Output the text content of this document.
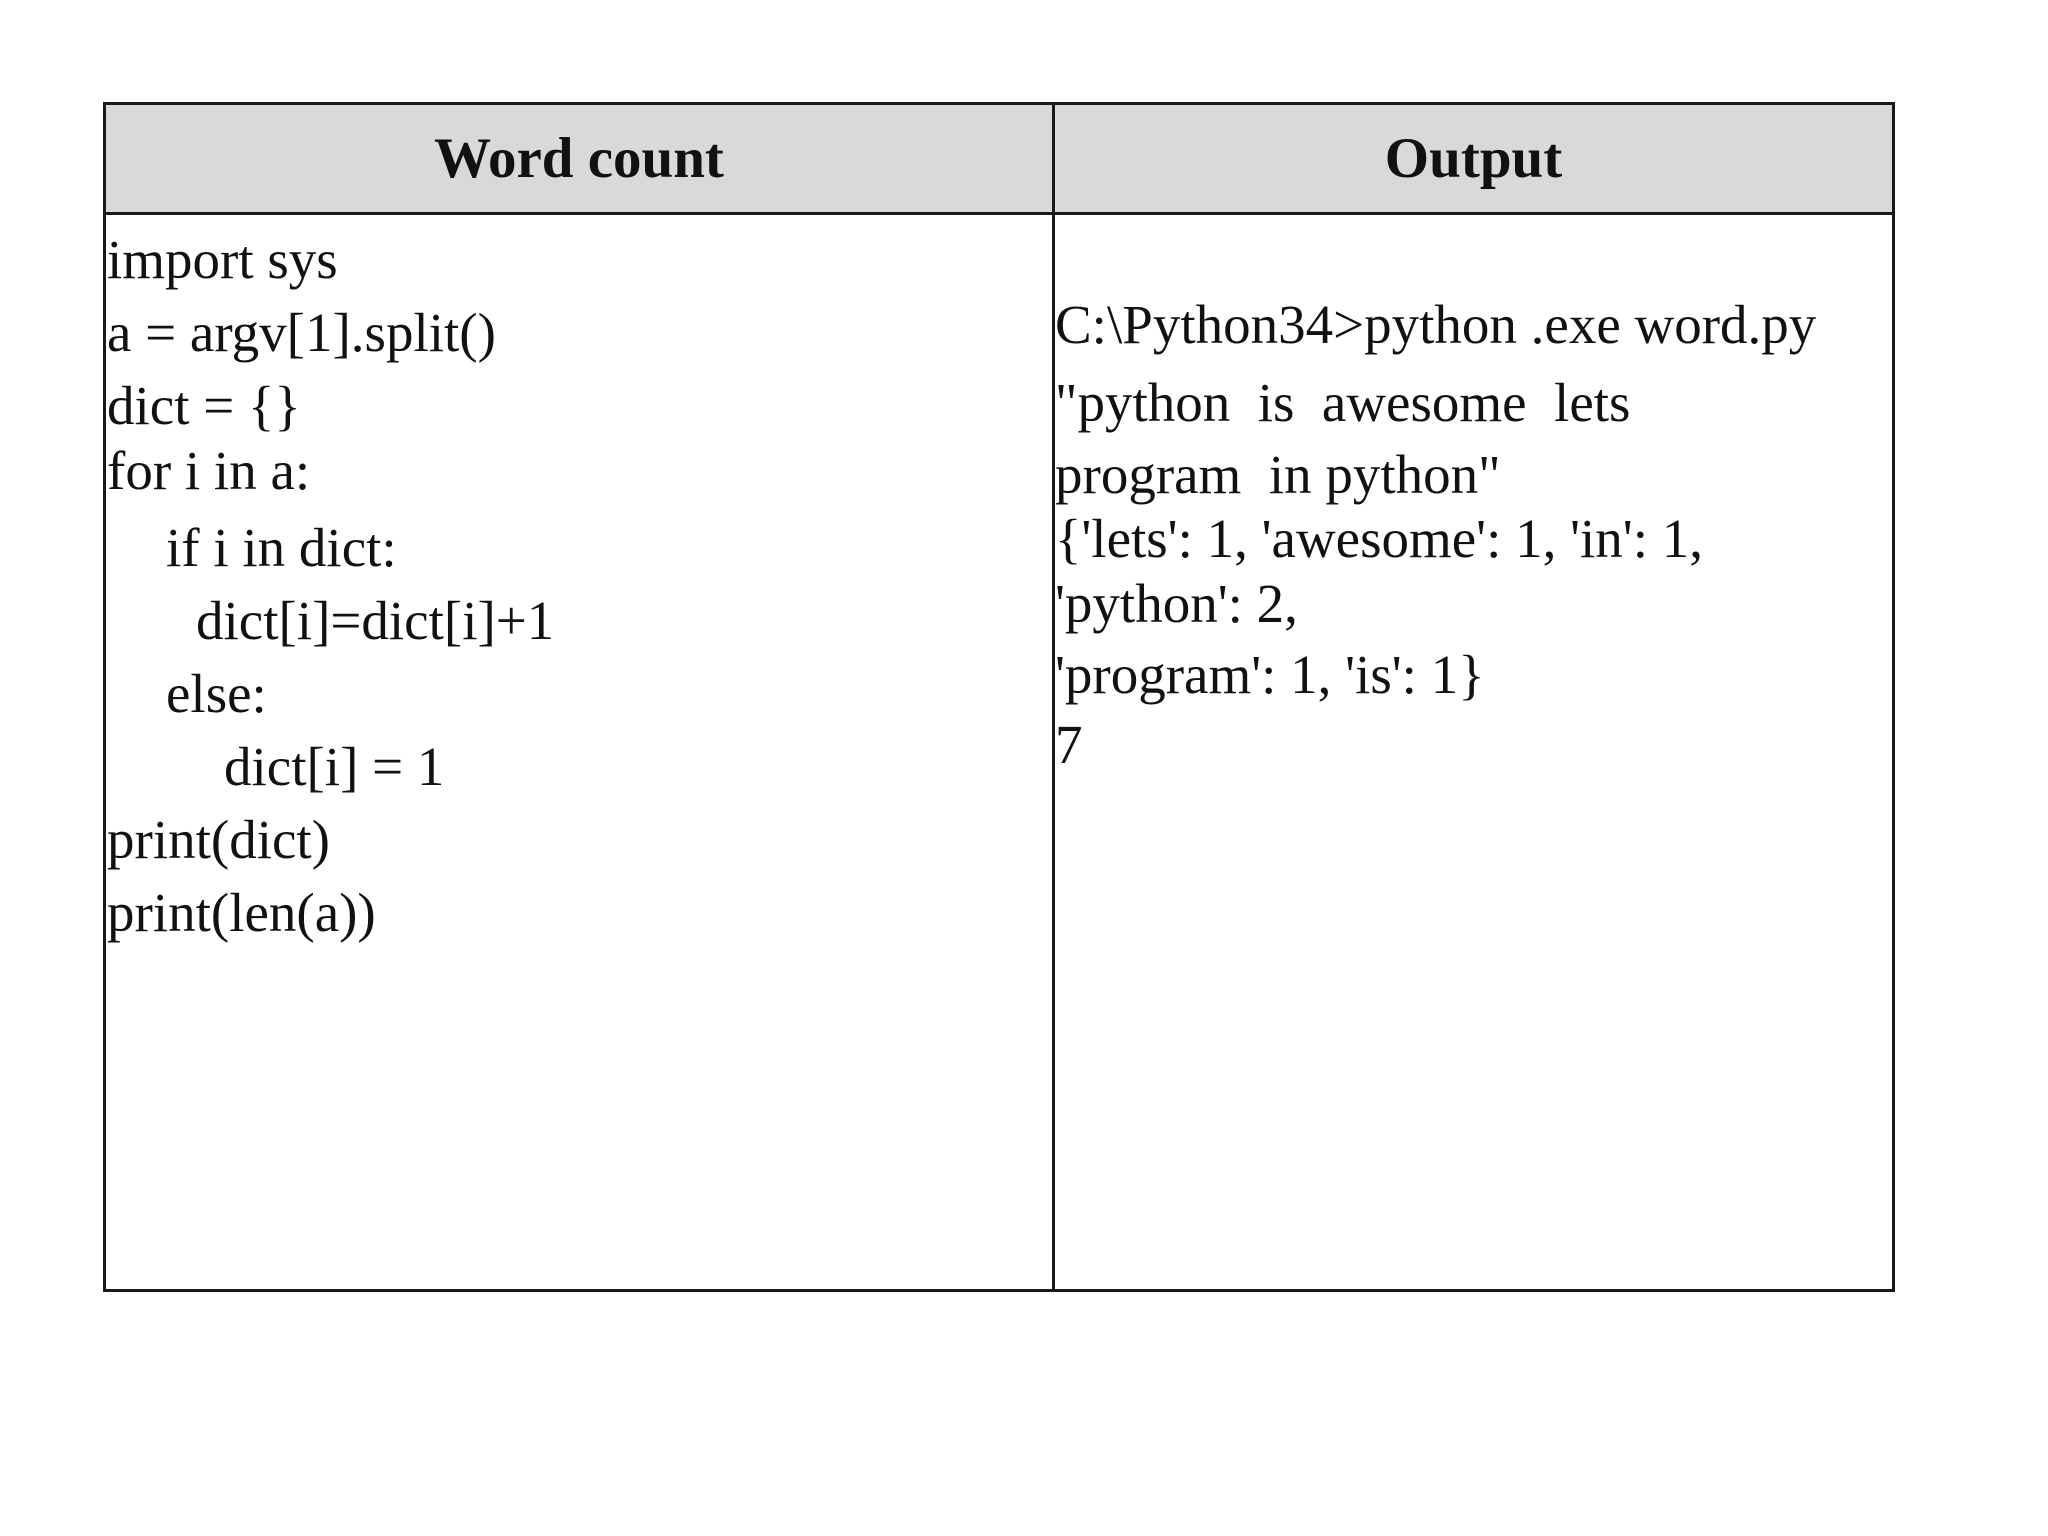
Word count	Output
import sys
a = argv[1].split()
dict = {}
for i in a:
if i in dict:
dict[i]=dict[i]+1
else:
dict[i] = 1
print(dict)
print(len(a))
C:\Python34>python .exe word.py
"python  is  awesome  lets
program  in python"
{'lets': 1, 'awesome': 1, 'in': 1,
'python': 2,
'program': 1, 'is': 1}
7
